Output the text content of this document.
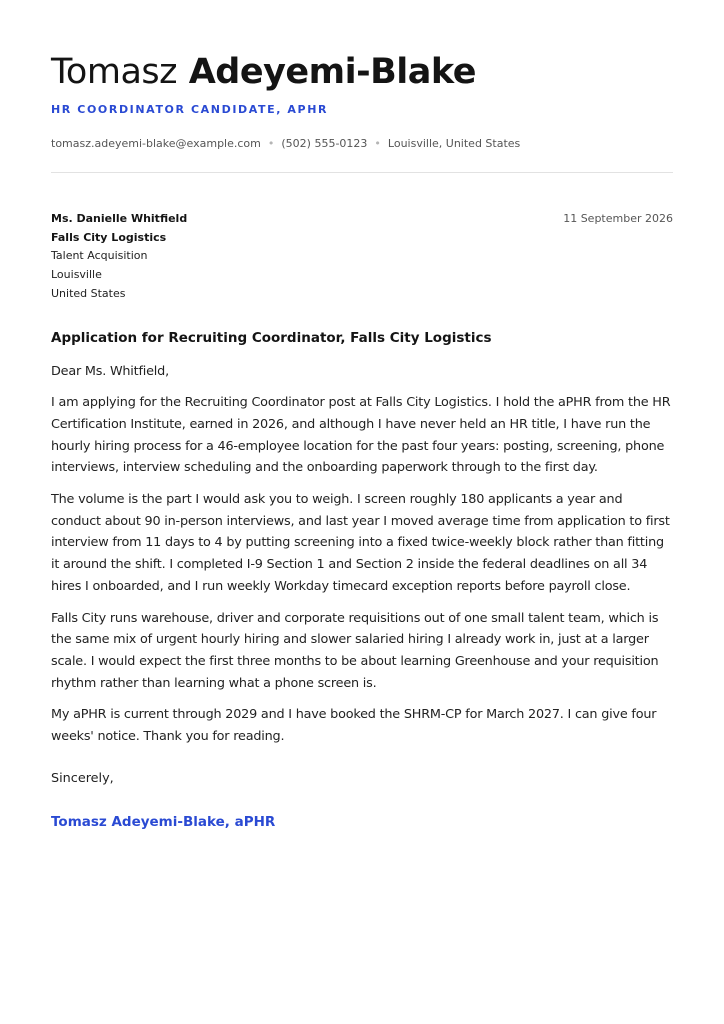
Tomasz Adeyemi-Blake
HR COORDINATOR CANDIDATE, APHR
tomasz.adeyemi-blake@example.com • (502) 555-0123 • Louisville, United States
Ms. Danielle Whitfield
Falls City Logistics
Talent Acquisition
Louisville
United States
11 September 2026
Application for Recruiting Coordinator, Falls City Logistics

Dear Ms. Whitfield,

I am applying for the Recruiting Coordinator post at Falls City Logistics. I hold the aPHR from the HR Certification Institute, earned in 2026, and although I have never held an HR title, I have run the hourly hiring process for a 46-employee location for the past four years: posting, screening, phone interviews, interview scheduling and the onboarding paperwork through to the first day.

The volume is the part I would ask you to weigh. I screen roughly 180 applicants a year and conduct about 90 in-person interviews, and last year I moved average time from application to first interview from 11 days to 4 by putting screening into a fixed twice-weekly block rather than fitting it around the shift. I completed I-9 Section 1 and Section 2 inside the federal deadlines on all 34 hires I onboarded, and I run weekly Workday timecard exception reports before payroll close.

Falls City runs warehouse, driver and corporate requisitions out of one small talent team, which is the same mix of urgent hourly hiring and slower salaried hiring I already work in, just at a larger scale. I would expect the first three months to be about learning Greenhouse and your requisition rhythm rather than learning what a phone screen is.

My aPHR is current through 2029 and I have booked the SHRM-CP for March 2027. I can give four weeks' notice. Thank you for reading.

Sincerely,
Tomasz Adeyemi-Blake, aPHR
